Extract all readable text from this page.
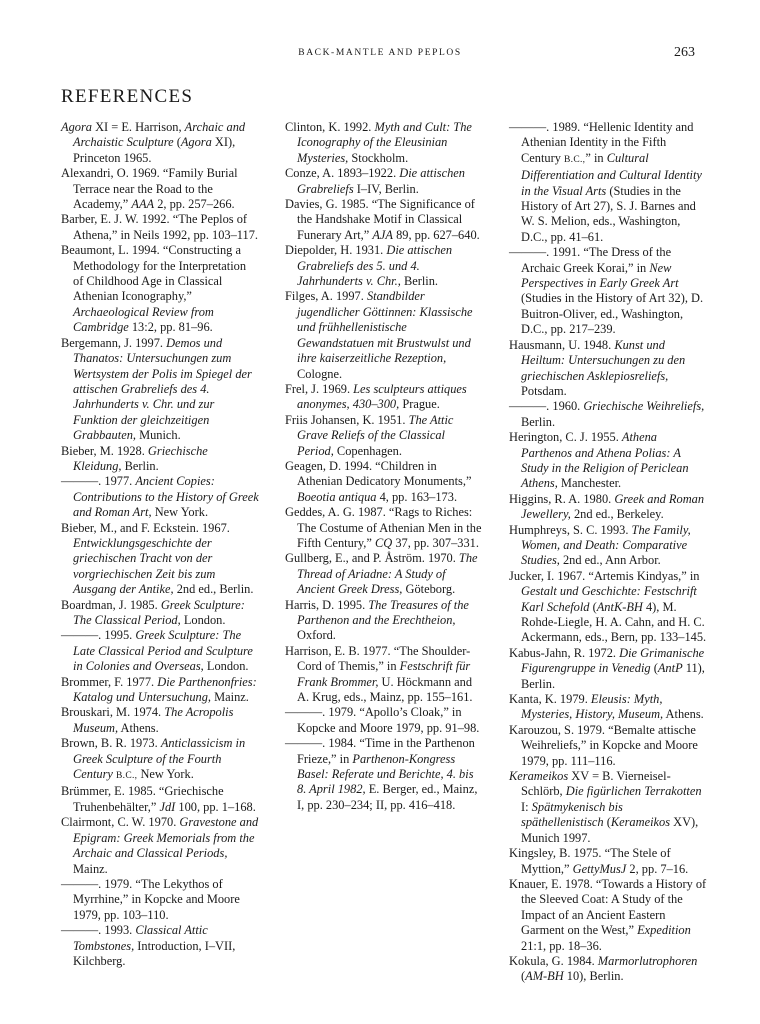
BACK-MANTLE AND PEPLOS	263
REFERENCES
Agora XI = E. Harrison, Archaic and Archaistic Sculpture (Agora XI), Princeton 1965.
Alexandri, O. 1969. “Family Burial Terrace near the Road to the Academy,” AAA 2, pp. 257–266.
Barber, E. J. W. 1992. “The Peplos of Athena,” in Neils 1992, pp. 103–117.
Beaumont, L. 1994. “Constructing a Methodology for the Interpretation of Childhood Age in Classical Athenian Iconography,” Archaeological Review from Cambridge 13:2, pp. 81–96.
Bergemann, J. 1997. Demos und Thanatos: Untersuchungen zum Wertsystem der Polis im Spiegel der attischen Grabreliefs des 4. Jahrhunderts v. Chr. und zur Funktion der gleichzeitigen Grabbauten, Munich.
Bieber, M. 1928. Griechische Kleidung, Berlin.
———. 1977. Ancient Copies: Contributions to the History of Greek and Roman Art, New York.
Bieber, M., and F. Eckstein. 1967. Entwicklungsgeschichte der griechischen Tracht von der vorgriechischen Zeit bis zum Ausgang der Antike, 2nd ed., Berlin.
Boardman, J. 1985. Greek Sculpture: The Classical Period, London.
———. 1995. Greek Sculpture: The Late Classical Period and Sculpture in Colonies and Overseas, London.
Brommer, F. 1977. Die Parthenonfries: Katalog und Untersuchung, Mainz.
Brouskari, M. 1974. The Acropolis Museum, Athens.
Brown, B. R. 1973. Anticlassicism in Greek Sculpture of the Fourth Century B.C., New York.
Brümmer, E. 1985. “Griechische Truhenbehälter,” JdI 100, pp. 1–168.
Clairmont, C. W. 1970. Gravestone and Epigram: Greek Memorials from the Archaic and Classical Periods, Mainz.
———. 1979. “The Lekythos of Myrrhine,” in Kopcke and Moore 1979, pp. 103–110.
———. 1993. Classical Attic Tombstones, Introduction, I–VII, Kilchberg.
Clinton, K. 1992. Myth and Cult: The Iconography of the Eleusinian Mysteries, Stockholm.
Conze, A. 1893–1922. Die attischen Grabreliefs I–IV, Berlin.
Davies, G. 1985. “The Significance of the Handshake Motif in Classical Funerary Art,” AJA 89, pp. 627–640.
Diepolder, H. 1931. Die attischen Grabreliefs des 5. und 4. Jahrhunderts v. Chr., Berlin.
Filges, A. 1997. Standbilder jugendlicher Göttinnen: Klassische und frühhellenistische Gewandstatuen mit Brustwulst und ihre kaiserzeitliche Rezeption, Cologne.
Frel, J. 1969. Les sculpteurs attiques anonymes, 430–300, Prague.
Friis Johansen, K. 1951. The Attic Grave Reliefs of the Classical Period, Copenhagen.
Geagen, D. 1994. “Children in Athenian Dedicatory Monuments,” Boeotia antiqua 4, pp. 163–173.
Geddes, A. G. 1987. “Rags to Riches: The Costume of Athenian Men in the Fifth Century,” CQ 37, pp. 307–331.
Gullberg, E., and P. Åström. 1970. The Thread of Ariadne: A Study of Ancient Greek Dress, Göteborg.
Harris, D. 1995. The Treasures of the Parthenon and the Erechtheion, Oxford.
Harrison, E. B. 1977. “The Shoulder-Cord of Themis,” in Festschrift für Frank Brommer, U. Höckmann and A. Krug, eds., Mainz, pp. 155–161.
———. 1979. “Apollo’s Cloak,” in Kopcke and Moore 1979, pp. 91–98.
———. 1984. “Time in the Parthenon Frieze,” in Parthenon-Kongress Basel: Referate und Berichte, 4. bis 8. April 1982, E. Berger, ed., Mainz, I, pp. 230–234; II, pp. 416–418.
———. 1989. “Hellenic Identity and Athenian Identity in the Fifth Century B.C.,” in Cultural Differentiation and Cultural Identity in the Visual Arts (Studies in the History of Art 27), S. J. Barnes and W. S. Melion, eds., Washington, D.C., pp. 41–61.
———. 1991. “The Dress of the Archaic Greek Korai,” in New Perspectives in Early Greek Art (Studies in the History of Art 32), D. Buitron-Oliver, ed., Washington, D.C., pp. 217–239.
Hausmann, U. 1948. Kunst und Heiltum: Untersuchungen zu den griechischen Asklepiosreliefs, Potsdam.
———. 1960. Griechische Weihreliefs, Berlin.
Herington, C. J. 1955. Athena Parthenos and Athena Polias: A Study in the Religion of Periclean Athens, Manchester.
Higgins, R. A. 1980. Greek and Roman Jewellery, 2nd ed., Berkeley.
Humphreys, S. C. 1993. The Family, Women, and Death: Comparative Studies, 2nd ed., Ann Arbor.
Jucker, I. 1967. “Artemis Kindyas,” in Gestalt und Geschichte: Festschrift Karl Schefold (AntK-BH 4), M. Rohde-Liegle, H. A. Cahn, and H. C. Ackermann, eds., Bern, pp. 133–145.
Kabus-Jahn, R. 1972. Die Grimanische Figurengruppe in Venedig (AntP 11), Berlin.
Kanta, K. 1979. Eleusis: Myth, Mysteries, History, Museum, Athens.
Karouzou, S. 1979. “Bemalte attische Weihreliefs,” in Kopcke and Moore 1979, pp. 111–116.
Kerameikos XV = B. Vierneisel-Schlörb, Die figürlichen Terrakotten I: Spätmykenisch bis späthellenistisch (Kerameikos XV), Munich 1997.
Kingsley, B. 1975. “The Stele of Myttion,” GettyMusJ 2, pp. 7–16.
Knauer, E. 1978. “Towards a History of the Sleeved Coat: A Study of the Impact of an Ancient Eastern Garment on the West,” Expedition 21:1, pp. 18–36.
Kokula, G. 1984. Marmorlutrophoren (AM-BH 10), Berlin.
